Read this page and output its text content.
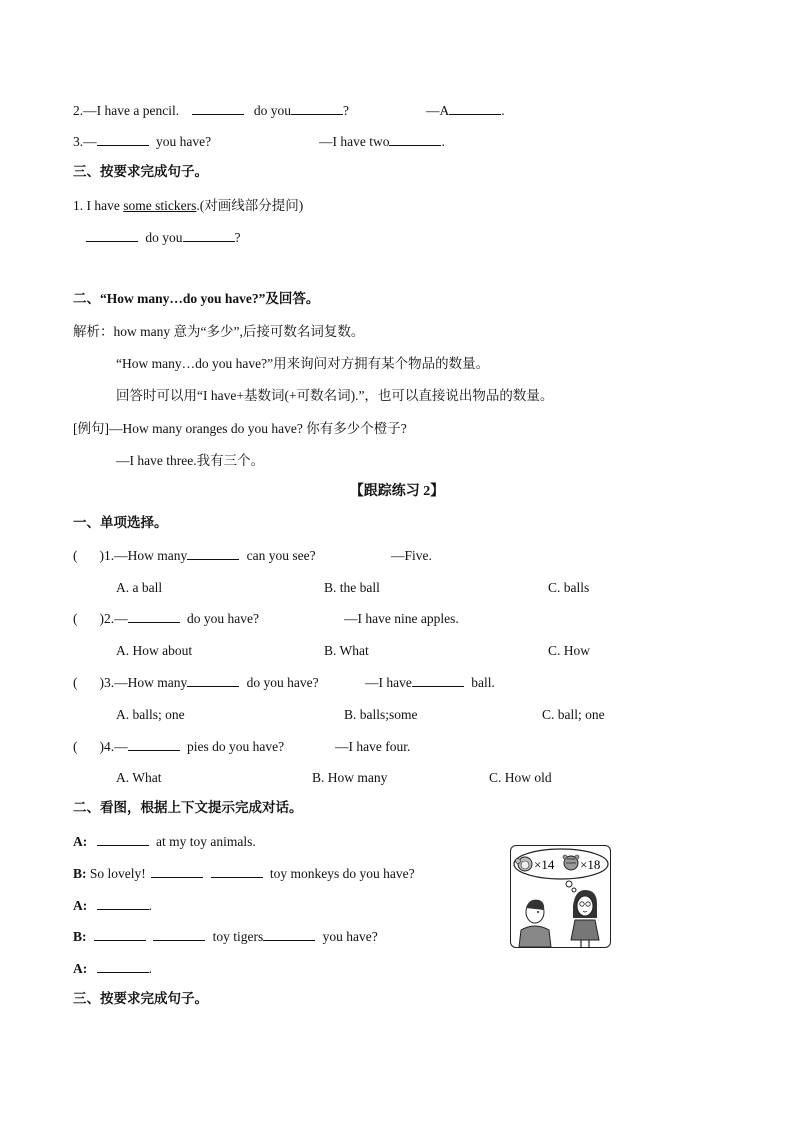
2.—I have a pencil.	do you	?	—A	.
3.—	you have?	—I have two	.
三、按要求完成句子。
1. I have some stickers.(对画线部分提问)
do you	?
二、“How many…do you have?”及回答。
解析：how many 意为“多少”,后接可数名词复数。
“How many…do you have?”用来询问对方拥有某个物品的数量。
回答时可以用“I have+基数词(+可数名词).”，也可以直接说出物品的数量。
[例句]—How many oranges do you have? 你有多少个橙子?
—I have three.我有三个。
【跟踪练习 2】
一、单项选择。
( )1.—How many	can you see?	—Five.
A. a ball	B. the ball	C. balls
( )2.—	do you have?	—I have nine apples.
A. How about	B. What	C. How
( )3.—How many	do you have?	—I have	ball.
A. balls; one	B. balls;some	C. ball; one
( )4.—	pies do you have?	—I have four.
A. What	B. How many	C. How old
二、看图，根据上下文提示完成对话。
A:	at my toy animals.
B: So lovely!	toy monkeys do you have?
A:	.
B:	toy tigers	you have?
A:	.
×14 ×18
三、按要求完成句子。
